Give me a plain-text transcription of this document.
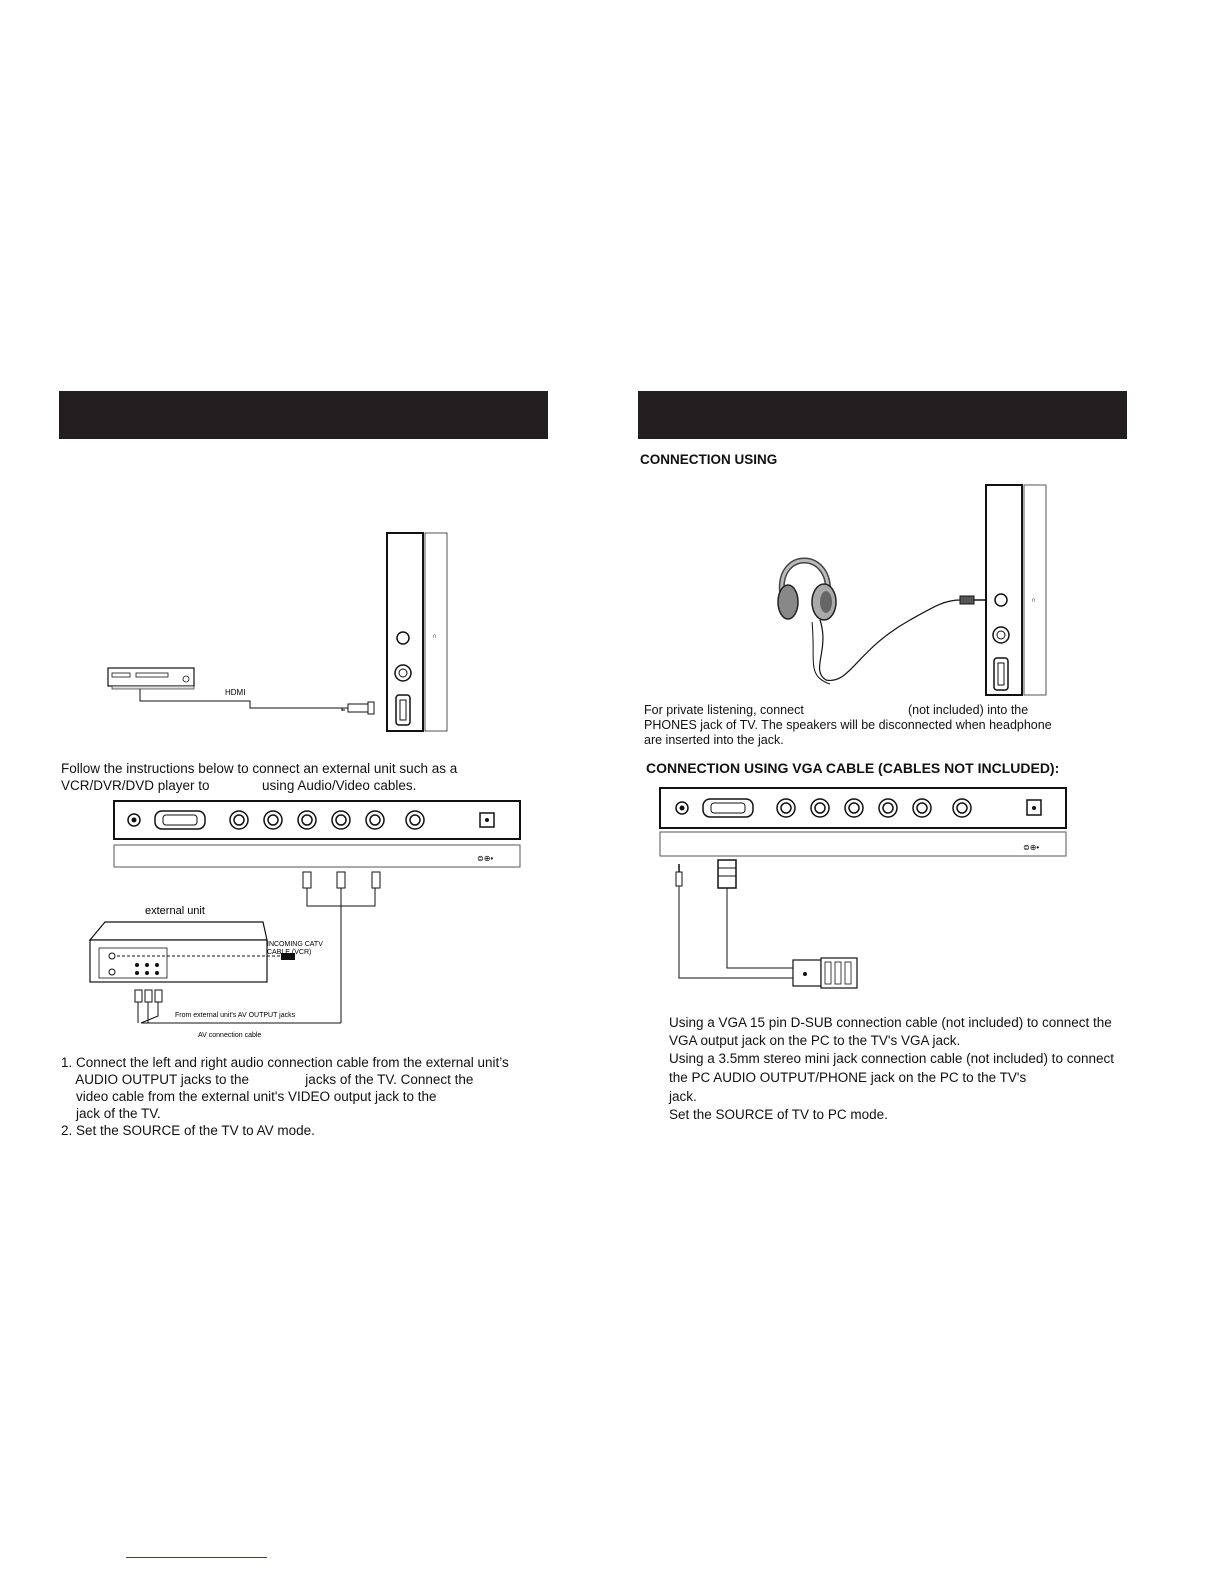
∩
HDMI
Follow the instructions below to connect an external unit such as a
VCR/DVR/DVD player to              using Audio/Video cables.
⊜⊕•
external unit
INCOMING CATV
CABLE (VCR)
From external unit's AV OUTPUT jacks
AV connection cable
1. Connect the left and right audio connection cable from the external unit’s
AUDIO OUTPUT jacks to the               jacks of the TV. Connect the
video cable from the external unit's VIDEO output jack to the
jack of the TV.
2. Set the SOURCE of the TV to AV mode.
CONNECTION USING
∩
For private listening, connect                              (not included) into the
PHONES jack of TV. The speakers will be disconnected when headphone
are inserted into the jack.
CONNECTION USING VGA CABLE (CABLES NOT INCLUDED):
⊜⊕•
Using a VGA 15 pin D-SUB connection cable (not included) to connect the
VGA output jack on the PC to the TV's VGA jack.
Using a 3.5mm stereo mini jack connection cable (not included) to connect
the PC AUDIO OUTPUT/PHONE jack on the PC to the TV's
jack.
Set the SOURCE of TV to PC mode.
